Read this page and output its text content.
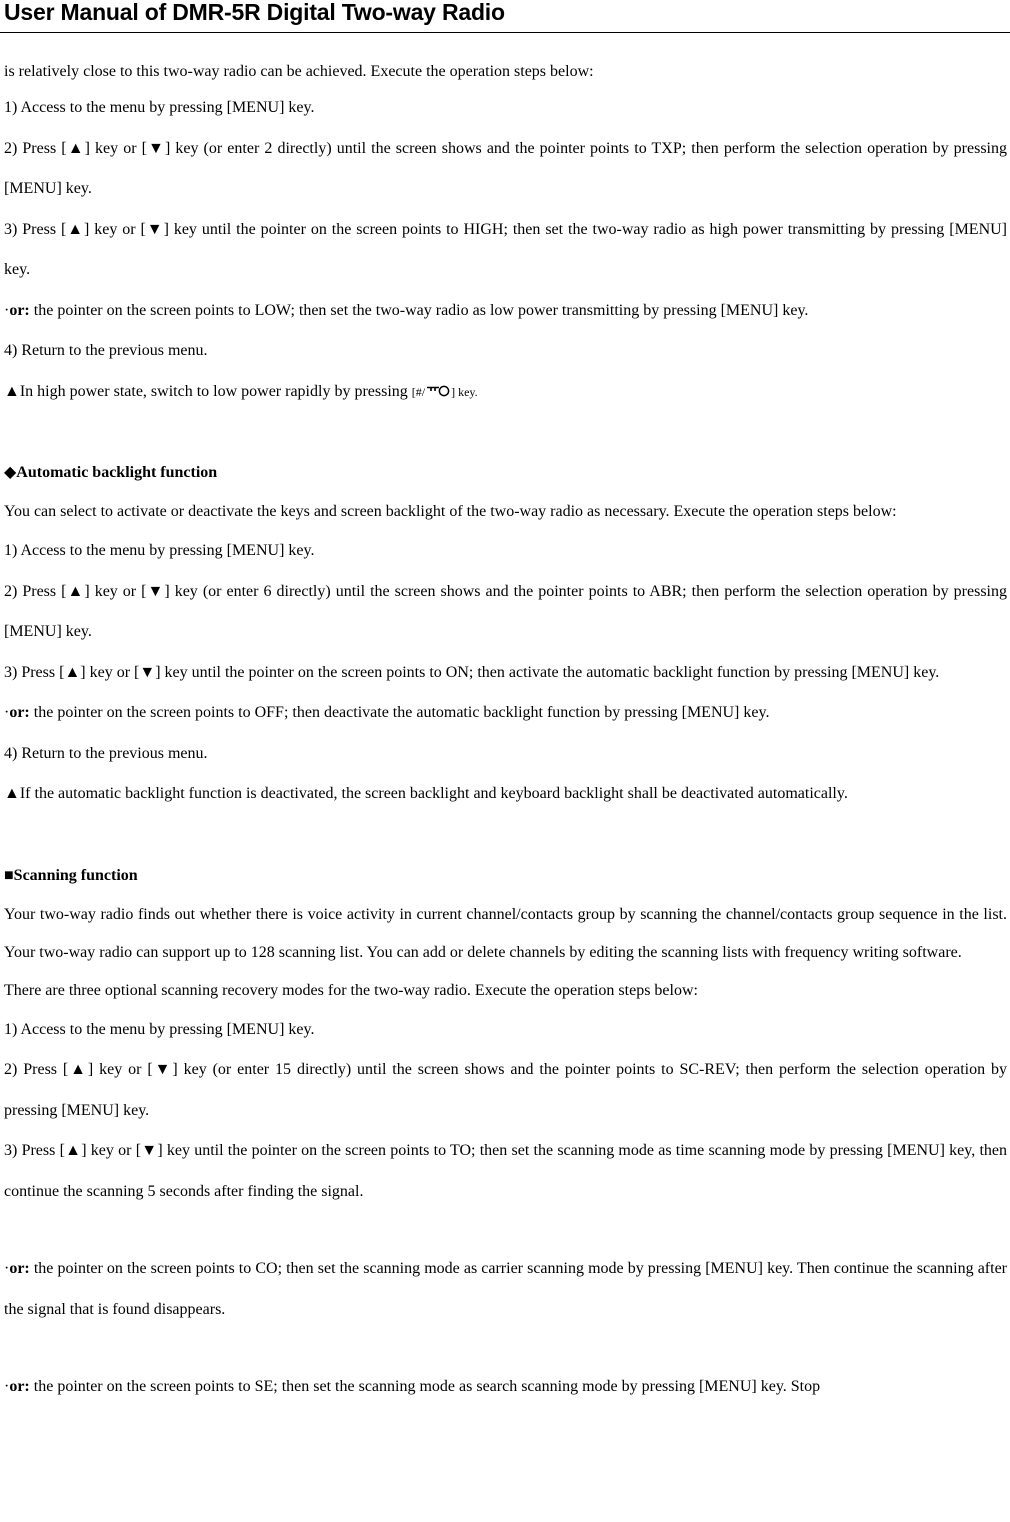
User Manual of DMR-5R Digital Two-way Radio

is relatively close to this two-way radio can be achieved. Execute the operation steps below:

1) Access to the menu by pressing [MENU] key.

2) Press [▲] key or [▼] key (or enter 2 directly) until the screen shows and the pointer points to TXP; then perform the selection operation by pressing [MENU] key.

3) Press [▲] key or [▼] key until the pointer on the screen points to HIGH; then set the two-way radio as high power transmitting by pressing [MENU] key.

·or: the pointer on the screen points to LOW; then set the two-way radio as low power transmitting by pressing [MENU] key.

4) Return to the previous menu.

▲In high power state, switch to low power rapidly by pressing [#/ ] key.

◆Automatic backlight function

You can select to activate or deactivate the keys and screen backlight of the two-way radio as necessary. Execute the operation steps below:

1) Access to the menu by pressing [MENU] key.

2) Press [▲] key or [▼] key (or enter 6 directly) until the screen shows and the pointer points to ABR; then perform the selection operation by pressing [MENU] key.

3) Press [▲] key or [▼] key until the pointer on the screen points to ON; then activate the automatic backlight function by pressing [MENU] key.

·or: the pointer on the screen points to OFF; then deactivate the automatic backlight function by pressing [MENU] key.

4) Return to the previous menu.

▲If the automatic backlight function is deactivated, the screen backlight and keyboard backlight shall be deactivated automatically.

■Scanning function

Your two-way radio finds out whether there is voice activity in current channel/contacts group by scanning the channel/contacts group sequence in the list. Your two-way radio can support up to 128 scanning list. You can add or delete channels by editing the scanning lists with frequency writing software.

There are three optional scanning recovery modes for the two-way radio. Execute the operation steps below:

1) Access to the menu by pressing [MENU] key.

2) Press [▲] key or [▼] key (or enter 15 directly) until the screen shows and the pointer points to SC-REV; then perform the selection operation by pressing [MENU] key.

3) Press [▲] key or [▼] key until the pointer on the screen points to TO; then set the scanning mode as time scanning mode by pressing [MENU] key, then continue the scanning 5 seconds after finding the signal.

·or: the pointer on the screen points to CO; then set the scanning mode as carrier scanning mode by pressing [MENU] key. Then continue the scanning after the signal that is found disappears.

·or: the pointer on the screen points to SE; then set the scanning mode as search scanning mode by pressing [MENU] key. Stop
